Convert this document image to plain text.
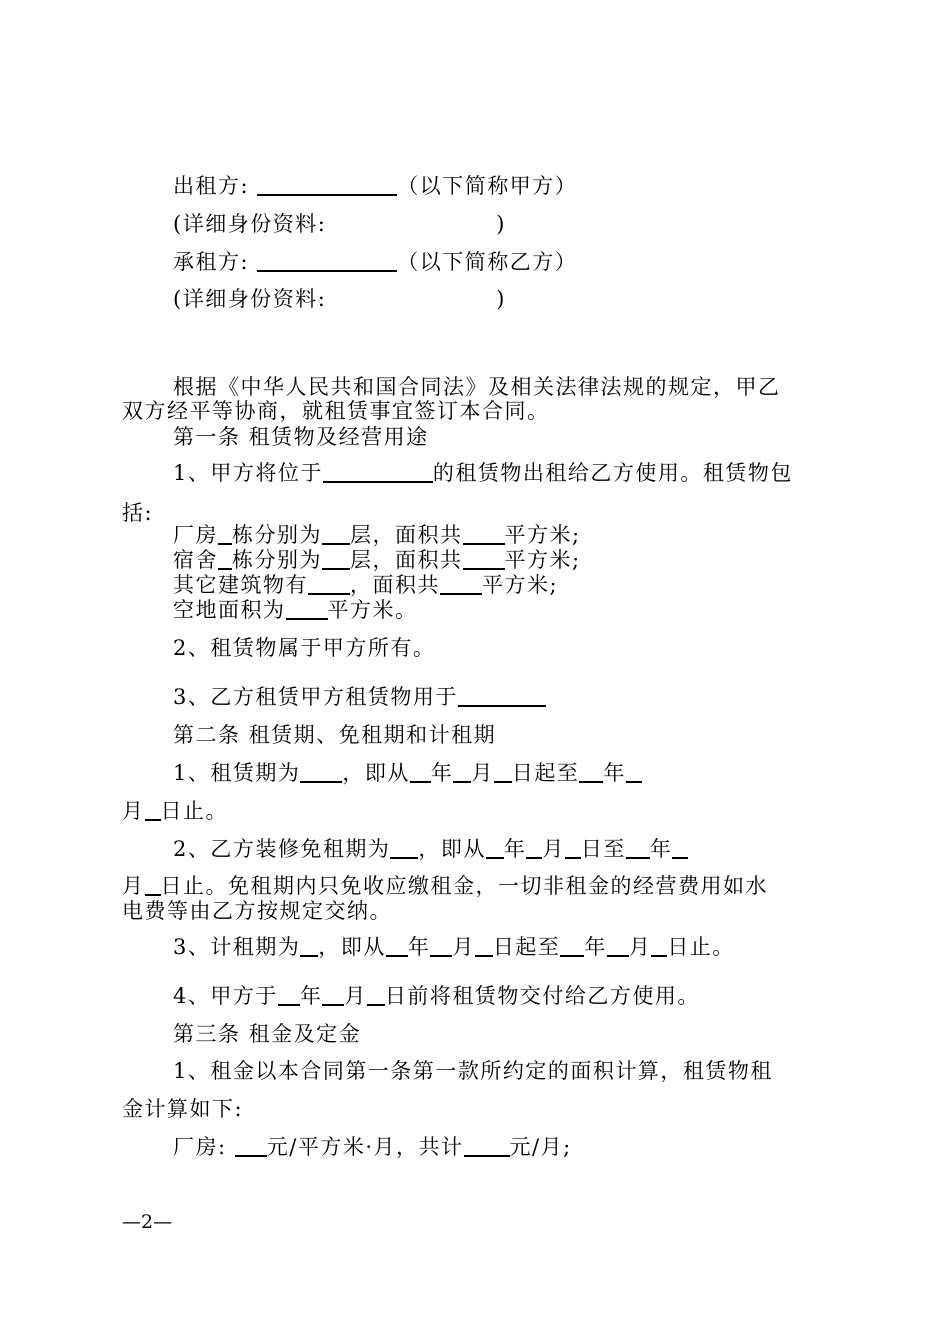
出租方:	（以下简称甲方）
(详细身份资料:	)
承租方:	（以下简称乙方）
(详细身份资料:	)
根据《中华人民共和国合同法》及相关法律法规的规定，甲乙
双方经平等协商，就租赁事宜签订本合同。
第一条 租赁物及经营用途
1、甲方将位于	的租赁物出租给乙方使用。租赁物包
括:
厂房 栋分别为 层，面积共 平方米;
宿舍 栋分别为 层，面积共 平方米;
其它建筑物有 ，面积共 平方米;
空地面积为 平方米。
2、租赁物属于甲方所有。
3、乙方租赁甲方租赁物用于
第二条 租赁期、免租期和计租期
1、租赁期为 ，即从 年 月 日起至 年
月 日止。
2、乙方装修免租期为 ，即从 年 月 日至 年
月 日止。免租期内只免收应缴租金，一切非租金的经营费用如水
电费等由乙方按规定交纳。
3、计租期为 ，即从 年 月 日起至 年 月 日止。
4、甲方于 年 月 日前将租赁物交付给乙方使用。
第三条 租金及定金
1、租金以本合同第一条第一款所约定的面积计算，租赁物租
金计算如下:
厂房: 元/平方米·月，共计 元/月;
—2—
